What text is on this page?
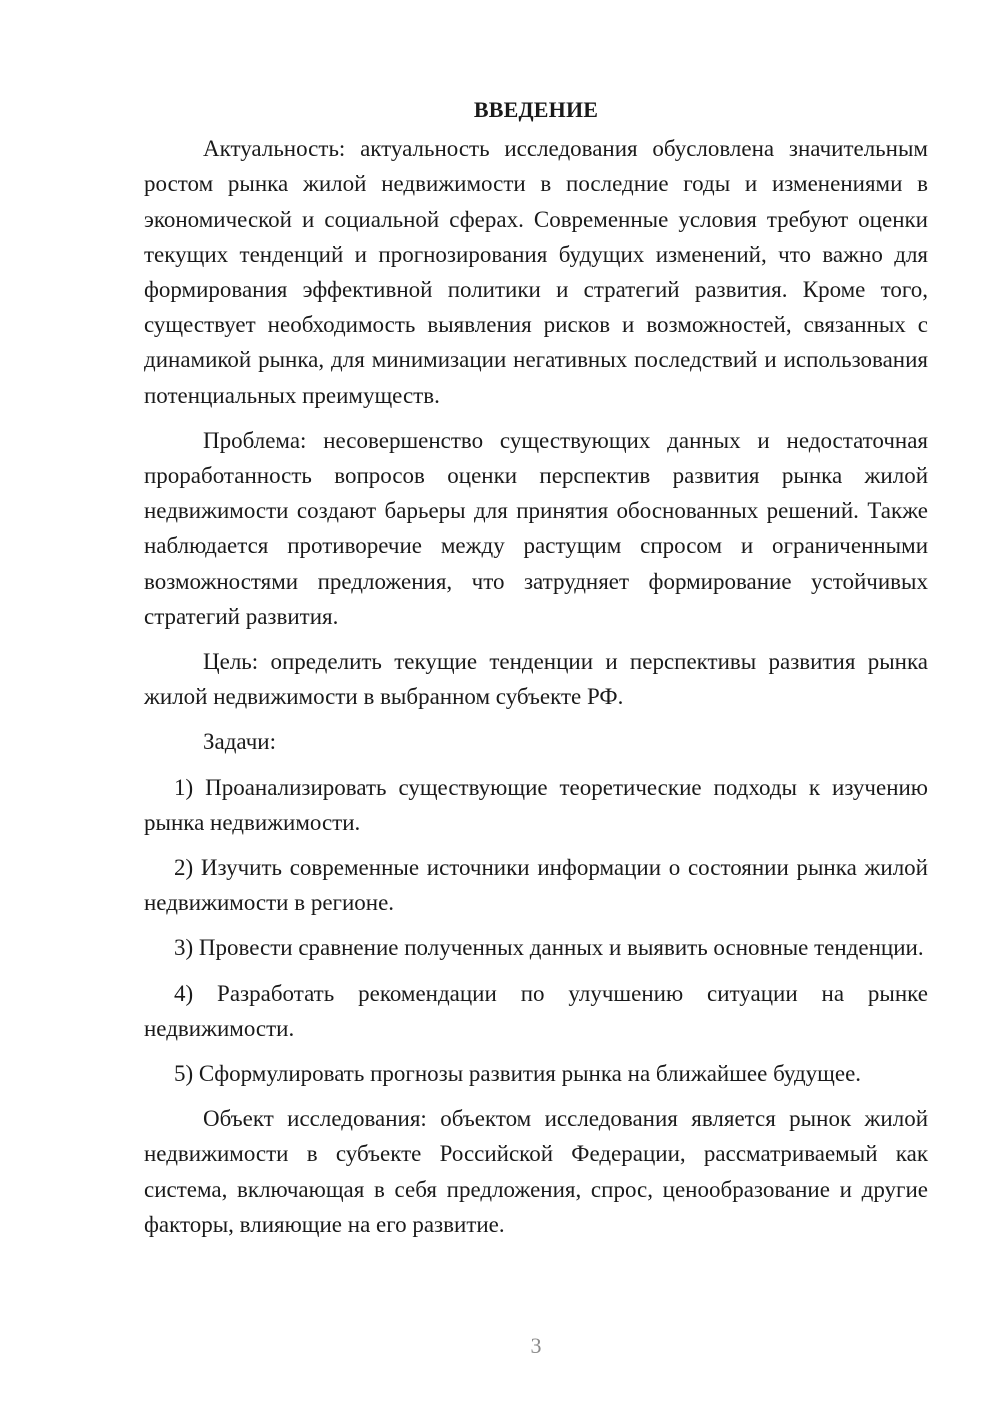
ВВЕДЕНИЕ

Актуальность: актуальность исследования обусловлена значительным ростом рынка жилой недвижимости в последние годы и изменениями в экономической и социальной сферах. Современные условия требуют оценки текущих тенденций и прогнозирования будущих изменений, что важно для формирования эффективной политики и стратегий развития. Кроме того, существует необходимость выявления рисков и возможностей, связанных с динамикой рынка, для минимизации негативных последствий и использования потенциальных преимуществ.

Проблема: несовершенство существующих данных и недостаточная проработанность вопросов оценки перспектив развития рынка жилой недвижимости создают барьеры для принятия обоснованных решений. Также наблюдается противоречие между растущим спросом и ограниченными возможностями предложения, что затрудняет формирование устойчивых стратегий развития.

Цель: определить текущие тенденции и перспективы развития рынка жилой недвижимости в выбранном субъекте РФ.

Задачи:

1) Проанализировать существующие теоретические подходы к изучению рынка недвижимости.

2) Изучить современные источники информации о состоянии рынка жилой недвижимости в регионе.

3) Провести сравнение полученных данных и выявить основные тенденции.

4) Разработать рекомендации по улучшению ситуации на рынке недвижимости.

5) Сформулировать прогнозы развития рынка на ближайшее будущее.

Объект исследования: объектом исследования является рынок жилой недвижимости в субъекте Российской Федерации, рассматриваемый как система, включающая в себя предложения, спрос, ценообразование и другие факторы, влияющие на его развитие.

3
